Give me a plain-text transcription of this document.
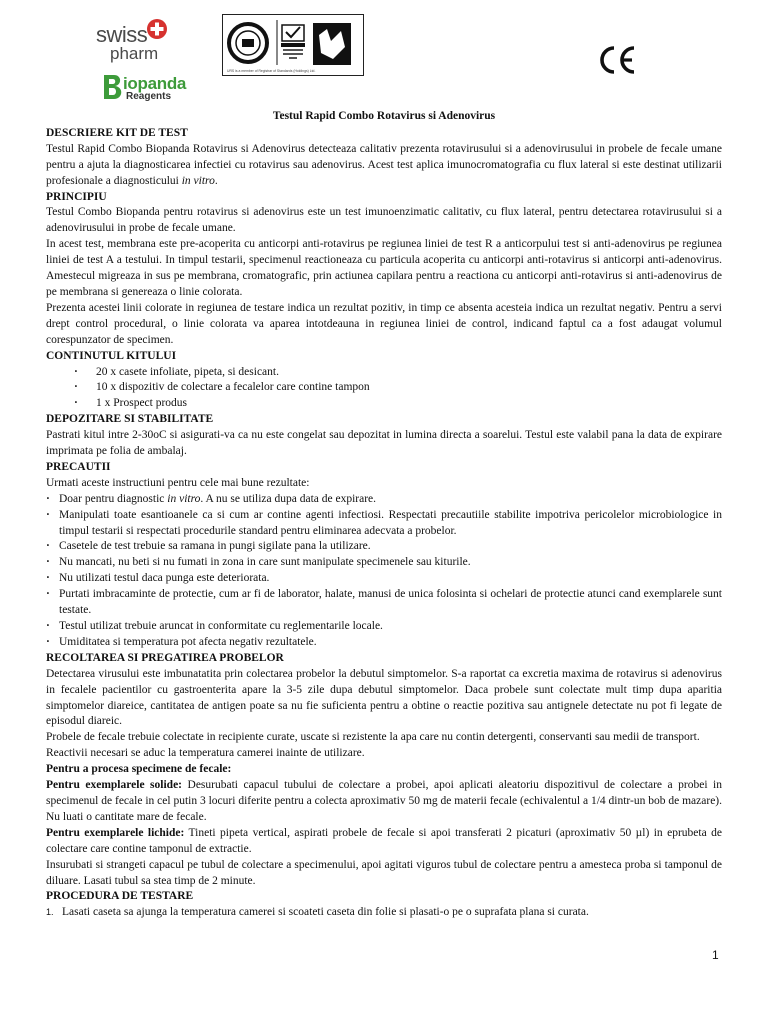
swiss
pharm
iopanda
Reagents
URS is a member of Registrar of Standards (Holdings) Ltd.
Testul Rapid Combo Rotavirus si Adenovirus
DESCRIERE KIT DE TEST

Testul Rapid Combo Biopanda Rotavirus si Adenovirus detecteaza calitativ prezenta rotavirusului si a adenovirusului in probele de fecale umane pentru a ajuta la diagnosticarea infectiei cu rotavirus sau adenovirus. Acest test aplica imunocromatografia cu flux lateral si este destinat utilizarii profesionale a diagnosticului in vitro.

PRINCIPIU

Testul Combo Biopanda pentru rotavirus si adenovirus este un test imunoenzimatic calitativ, cu flux lateral, pentru detectarea rotavirusului si a adenovirusului in probe de fecale umane.

In acest test, membrana este pre-acoperita cu anticorpi anti-rotavirus pe regiunea liniei de test R a anticorpului test si anti-adenovirus pe regiunea liniei de test A a testului. In timpul testarii, specimenul reactioneaza cu particula acoperita cu anticorpi anti-rotavirus si anticorpi anti-adenovirus. Amestecul migreaza in sus pe membrana, cromatografic, prin actiunea capilara pentru a reactiona cu anticorpi anti-rotavirus si anti-adenovirus de pe membrana si genereaza o linie colorata.

Prezenta acestei linii colorate in regiunea de testare indica un rezultat pozitiv, in timp ce absenta acesteia indica un rezultat negativ. Pentru a servi drept control procedural, o linie colorata va aparea intotdeauna in regiunea liniei de control, indicand faptul ca a fost adaugat volumul corespunzator de specimen.

CONTINUTUL KITULUI
· 20 x casete infoliate, pipeta, si desicant.
· 10 x dispozitiv de colectare a fecalelor care contine tampon
· 1 x Prospect produs
DEPOZITARE SI STABILITATE

Pastrati kitul intre 2-30oC si asigurati-va ca nu este congelat sau depozitat in lumina directa a soarelui. Testul este valabil pana la data de expirare imprimata pe folia de ambalaj.

PRECAUTII

Urmati aceste instructiuni pentru cele mai bune rezultate:

· Doar pentru diagnostic in vitro. A nu se utiliza dupa data de expirare.
· Manipulati toate esantioanele ca si cum ar contine agenti infectiosi. Respectati precautiile stabilite impotriva pericolelor microbiologice in timpul testarii si respectati procedurile standard pentru eliminarea adecvata a probelor.
· Casetele de test trebuie sa ramana in pungi sigilate pana la utilizare.
· Nu mancati, nu beti si nu fumati in zona in care sunt manipulate specimenele sau kiturile.
· Nu utilizati testul daca punga este deteriorata.
· Purtati imbracaminte de protectie, cum ar fi de laborator, halate, manusi de unica folosinta si ochelari de protectie atunci cand exemplarele sunt testate.
· Testul utilizat trebuie aruncat in conformitate cu reglementarile locale.
· Umiditatea si temperatura pot afecta negativ rezultatele.
RECOLTAREA SI PREGATIREA PROBELOR

Detectarea virusului este imbunatatita prin colectarea probelor la debutul simptomelor. S-a raportat ca excretia maxima de rotavirus si adenovirus in fecalele pacientilor cu gastroenterita apare la 3-5 zile dupa debutul simptomelor. Daca probele sunt colectate mult timp dupa aparitia simptomelor diareice, cantitatea de antigen poate sa nu fie suficienta pentru a obtine o reactie pozitiva sau antignele detectate nu pot fi legate de episodul diareic.

Probele de fecale trebuie colectate in recipiente curate, uscate si rezistente la apa care nu contin detergenti, conservanti sau medii de transport.

Reactivii necesari se aduc la temperatura camerei inainte de utilizare.

Pentru a procesa specimene de fecale:

Pentru exemplarele solide: Desurubati capacul tubului de colectare a probei, apoi aplicati aleatoriu dispozitivul de colectare a probei in specimenul de fecale in cel putin 3 locuri diferite pentru a colecta aproximativ 50 mg de materii fecale (echivalentul a 1/4 dintr-un bob de mazare). Nu luati o cantitate mare de fecale.

Pentru exemplarele lichide: Tineti pipeta vertical, aspirati probele de fecale si apoi transferati 2 picaturi (aproximativ 50 µl) in eprubeta de colectare care contine tamponul de extractie.

Insurubati si strangeti capacul pe tubul de colectare a specimenului, apoi agitati viguros tubul de colectare pentru a amesteca proba si tamponul de diluare. Lasati tubul sa stea timp de 2 minute.

PROCEDURA DE TESTARE
1. Lasati caseta sa ajunga la temperatura camerei si scoateti caseta din folie si plasati-o pe o suprafata plana si curata.
1
